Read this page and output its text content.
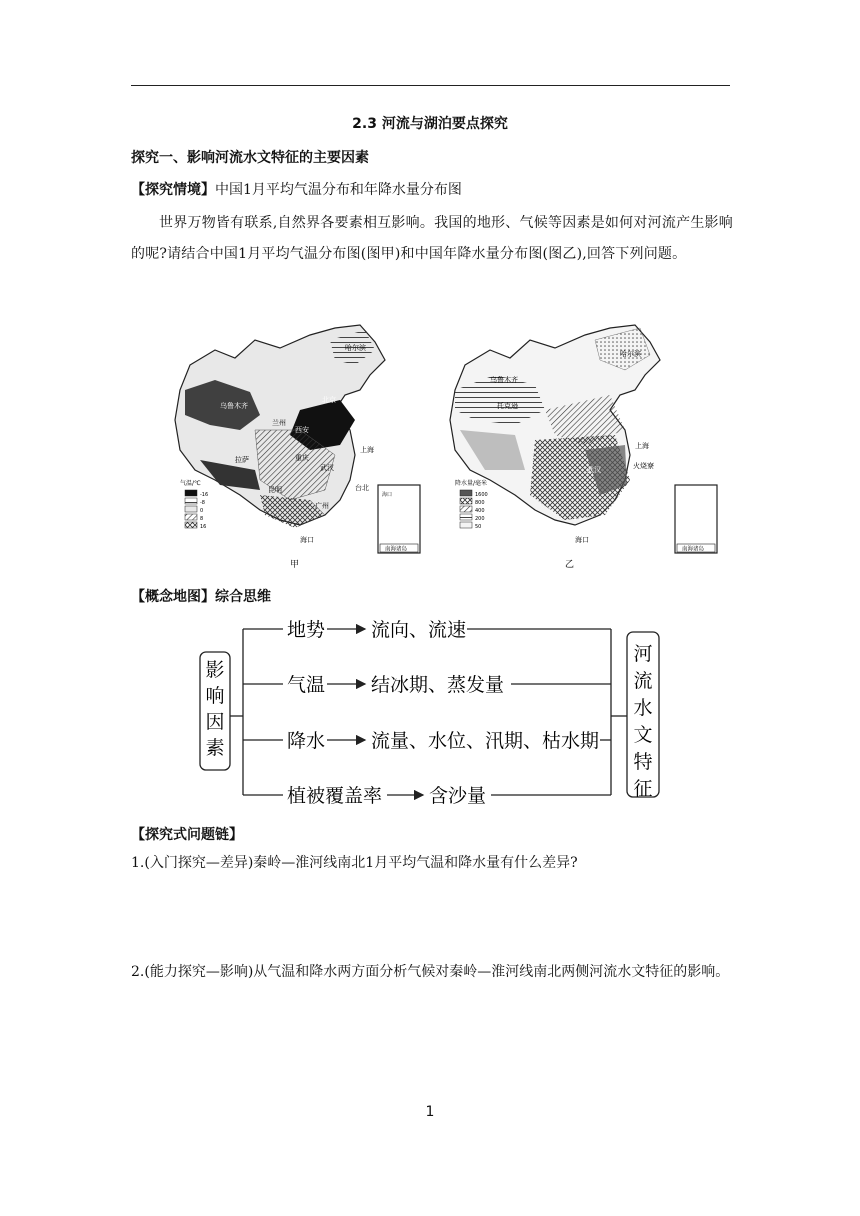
2.3 河流与湖泊要点探究
探究一、影响河流水文特征的主要因素
【探究情境】中国1月平均气温分布和年降水量分布图
世界万物皆有联系,自然界各要素相互影响。我国的地形、气候等因素是如何对河流产生影响的呢?请结合中国1月平均气温分布图(图甲)和中国年降水量分布图(图乙),回答下列问题。
乌鲁木齐
北京
上海
台北
拉萨
昆明
广州
海口
重庆
武汉
西安
兰州
哈尔滨
气温/℃
-16
-8
0
8
16
海口
南海诸岛
甲
哈尔滨
乌鲁木齐
托克逊
上海
武汉
海口
火烧寮
降水量/毫米
1600
800
400
200
50
南海诸岛
乙
【概念地图】综合思维
影
响
因
素
河
流
水
文
特
征
地势 流向、流速
气温 结冰期、蒸发量
降水 流量、水位、汛期、枯水期
植被覆盖率 含沙量
【探究式问题链】
1.(入门探究—差异)秦岭—淮河线南北1月平均气温和降水量有什么差异?
2.(能力探究—影响)从气温和降水两方面分析气候对秦岭—淮河线南北两侧河流水文特征的影响。
1
